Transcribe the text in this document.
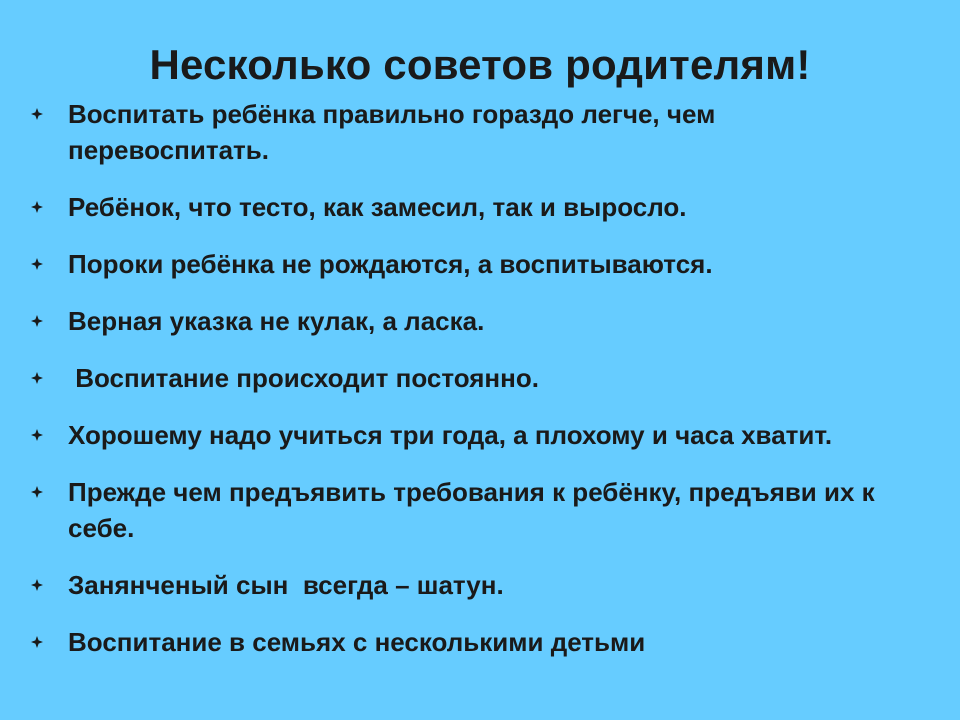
Несколько советов родителям!
Воспитать ребёнка правильно гораздо легче, чем перевоспитать.
Ребёнок, что тесто, как замесил, так и выросло.
Пороки ребёнка не рождаются, а воспитываются.
Верная указка не кулак, а ласка.
Воспитание происходит постоянно.
Хорошему надо учиться три года, а плохому и часа хватит.
Прежде чем предъявить требования к ребёнку, предъяви их к себе.
Занянченый сын  всегда – шатун.
Воспитание в семьях с несколькими детьми
